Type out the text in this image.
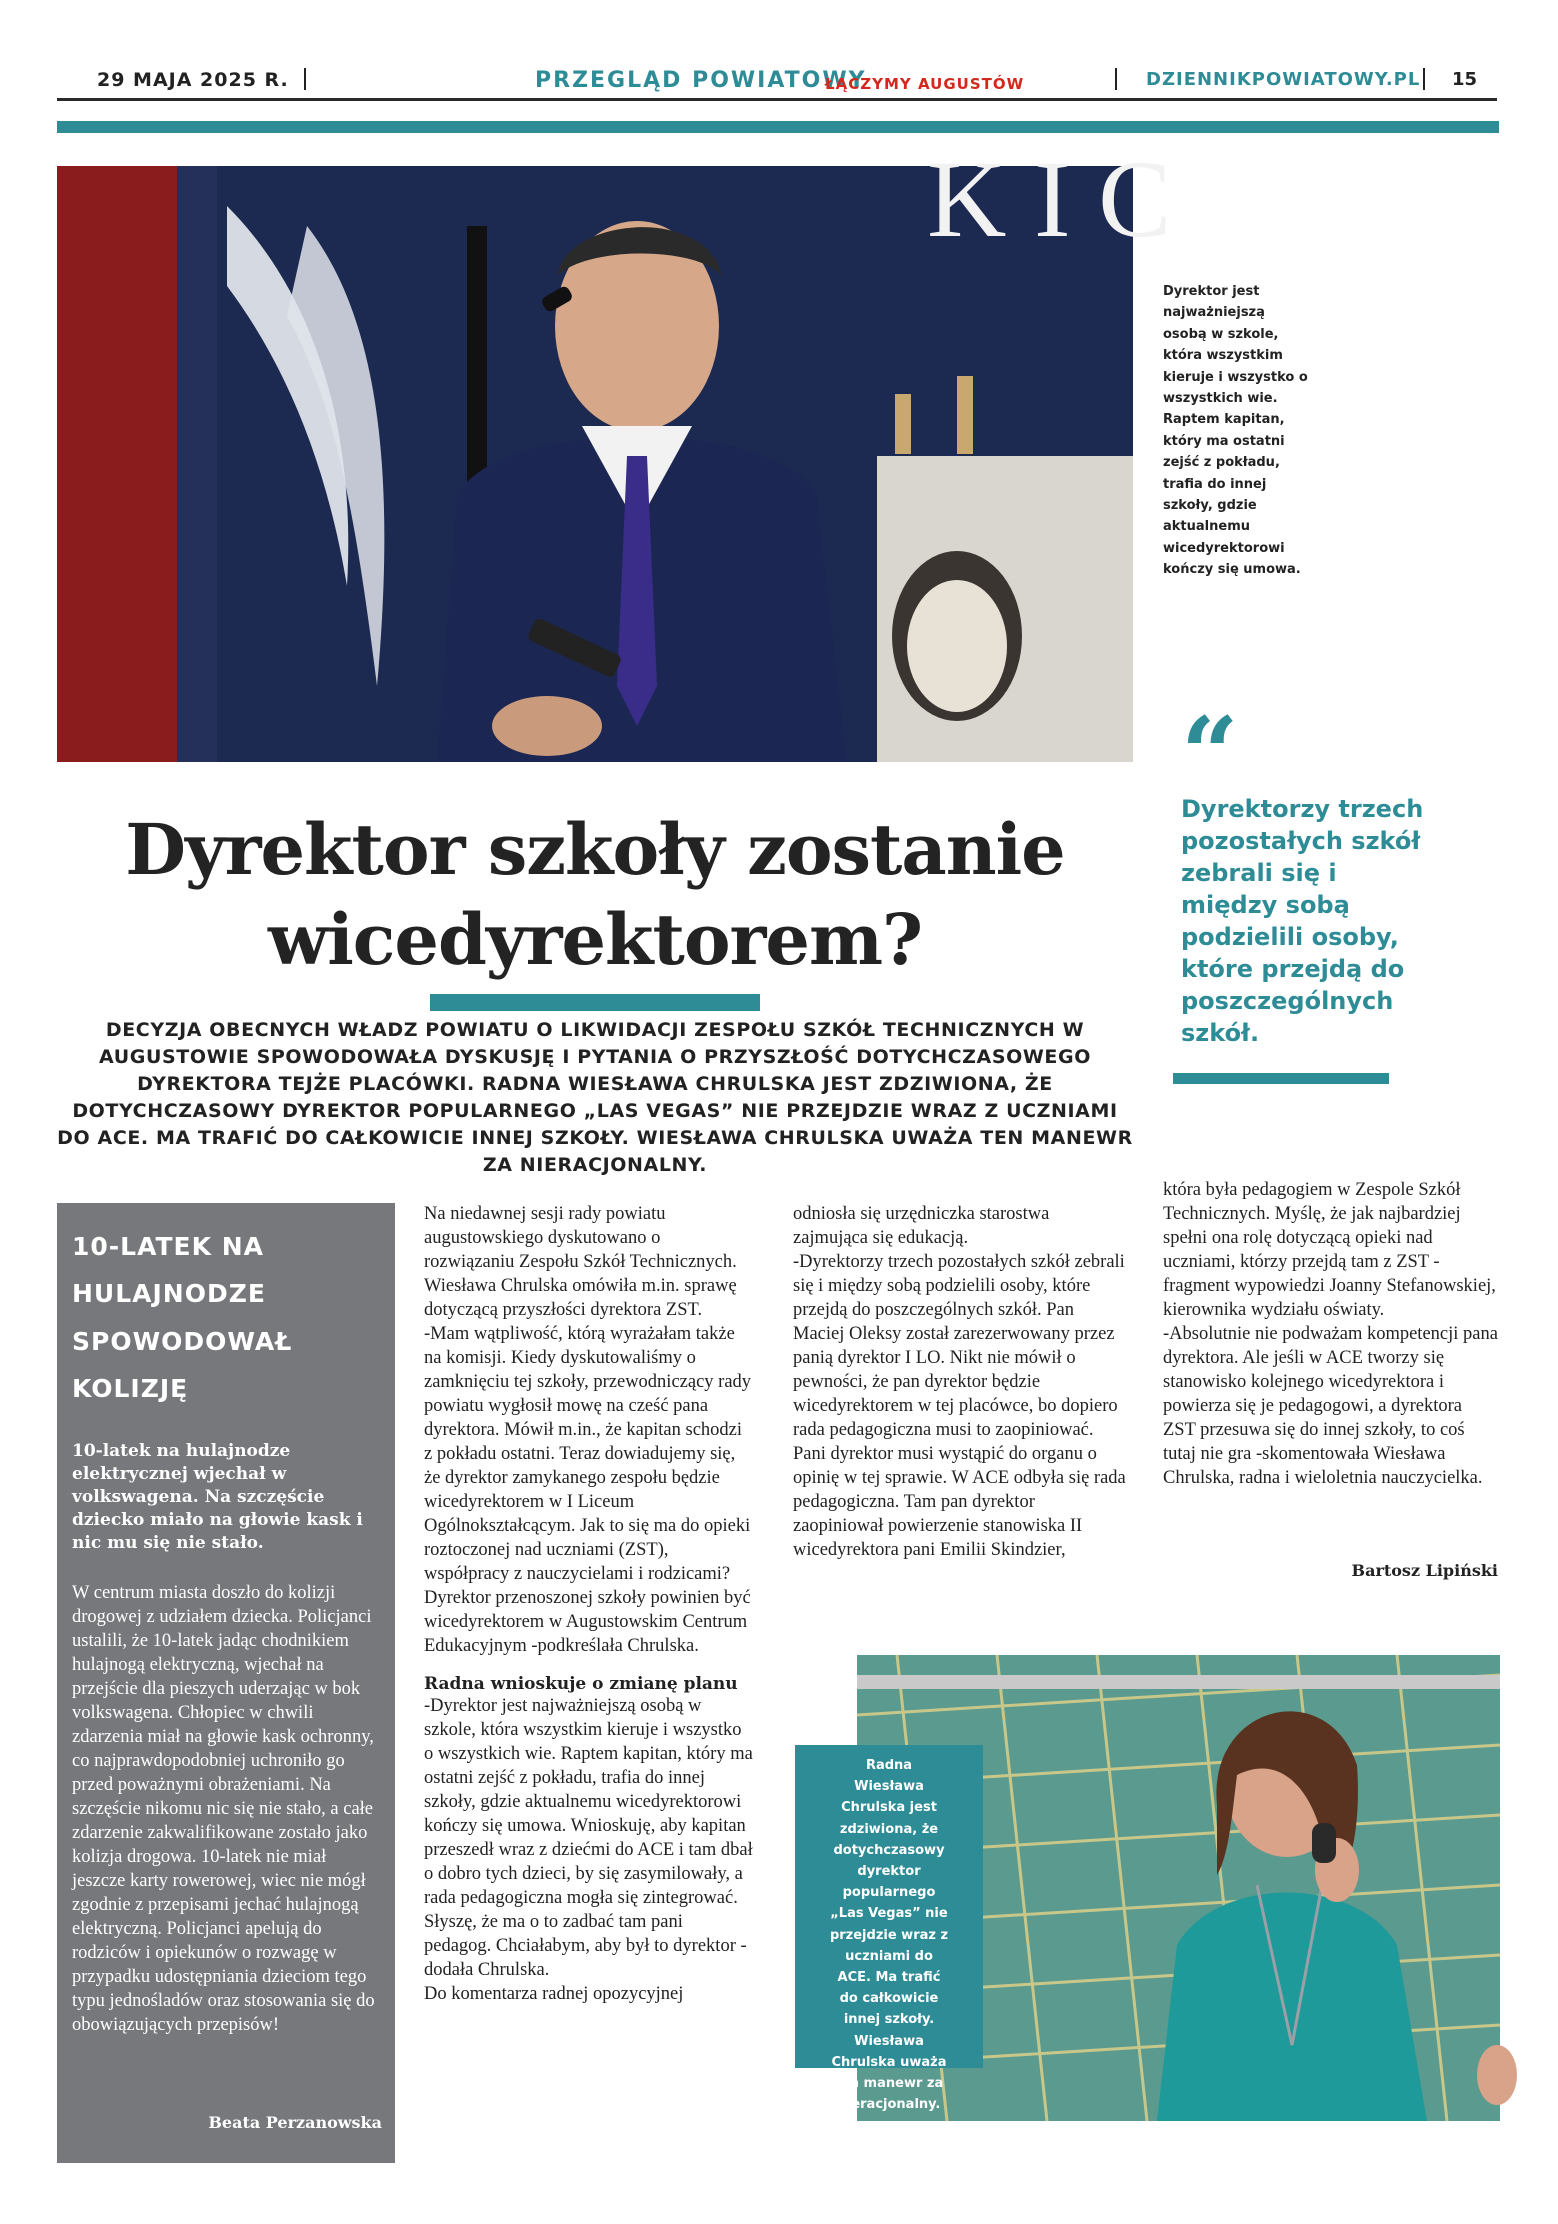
29 MAJA 2025 R.	PRZEGLĄD POWIATOWY
ŁĄCZYMY AUGUSTÓW	DZIENNIKPOWIATOWY.PL 15
K I C
Dyrektor jest najważniejszą osobą w szkole, która wszystkim kieruje i wszystko o wszystkich wie. Raptem kapitan, który ma ostatni zejść z pokładu, trafia do innej szkoły, gdzie aktualnemu wicedyrektorowi kończy się umowa.
“
Dyrektorzy trzech pozostałych szkół zebrali się i między sobą podzielili osoby, które przejdą do poszczególnych szkół.
Dyrektor szkoły zostanie
wicedyrektorem?
DECYZJA OBECNYCH WŁADZ POWIATU O LIKWIDACJI ZESPOŁU SZKÓŁ TECHNICZNYCH W AUGUSTOWIE SPOWODOWAŁA DYSKUSJĘ I PYTANIA O PRZYSZŁOŚĆ DOTYCHCZASOWEGO DYREKTORA TEJŻE PLACÓWKI. RADNA WIESŁAWA CHRULSKA JEST ZDZIWIONA, ŻE DOTYCHCZASOWY DYREKTOR POPULARNEGO „LAS VEGAS” NIE PRZEJDZIE WRAZ Z UCZNIAMI DO ACE. MA TRAFIĆ DO CAŁKOWICIE INNEJ SZKOŁY. WIESŁAWA CHRULSKA UWAŻA TEN MANEWR ZA NIERACJONALNY.
10-LATEK NA HULAJNODZE SPOWODOWAŁ KOLIZJĘ
10-latek na hulajnodze elektrycznej wjechał w volkswagena. Na szczęście dziecko miało na głowie kask i nic mu się nie stało.
W centrum miasta doszło do kolizji drogowej z udziałem dziecka. Policjanci ustalili, że 10-latek jadąc chodnikiem hulajnogą elektryczną, wjechał na przejście dla pieszych uderzając w bok volkswagena. Chłopiec w chwili zdarzenia miał na głowie kask ochronny, co najprawdopodobniej uchroniło go przed poważnymi obrażeniami. Na szczęście nikomu nic się nie stało, a całe zdarzenie zakwalifikowane zostało jako kolizja drogowa. 10-latek nie miał jeszcze karty rowerowej, wiec nie mógł zgodnie z przepisami jechać hulajnogą elektryczną. Policjanci apelują do rodziców i opiekunów o rozwagę w przypadku udostępniania dzieciom tego typu jednośladów oraz stosowania się do obowiązujących przepisów!
Beata Perzanowska

Na niedawnej sesji rady powiatu augustowskiego dyskutowano o rozwiązaniu Zespołu Szkół Technicznych. Wiesława Chrulska omówiła m.in. sprawę dotyczącą przyszłości dyrektora ZST.

-Mam wątpliwość, którą wyrażałam także na komisji. Kiedy dyskutowaliśmy o zamknięciu tej szkoły, przewodniczący rady powiatu wygłosił mowę na cześć pana dyrektora. Mówił m.in., że kapitan schodzi z pokładu ostatni. Teraz dowiadujemy się, że dyrektor zamykanego zespołu będzie wicedyrektorem w I Liceum Ogólnokształcącym. Jak to się ma do opieki roztoczonej nad uczniami (ZST), współpracy z nauczycielami i rodzicami? Dyrektor przenoszonej szkoły powinien być wicedyrektorem w Augustowskim Centrum Edukacyjnym -podkreślała Chrulska.

Radna wnioskuje o zmianę planu

-Dyrektor jest najważniejszą osobą w szkole, która wszystkim kieruje i wszystko o wszystkich wie. Raptem kapitan, który ma ostatni zejść z pokładu, trafia do innej szkoły, gdzie aktualnemu wicedyrektorowi kończy się umowa. Wnioskuję, aby kapitan przeszedł wraz z dziećmi do ACE i tam dbał o dobro tych dzieci, by się zasymilowały, a rada pedagogiczna mogła się zintegrować. Słyszę, że ma o to zadbać tam pani pedagog. Chciałabym, aby był to dyrektor - dodała Chrulska.

Do komentarza radnej opozycyjnej

odniosła się urzędniczka starostwa zajmująca się edukacją.

-Dyrektorzy trzech pozostałych szkół zebrali się i między sobą podzielili osoby, które przejdą do poszczególnych szkół. Pan Maciej Oleksy został zarezerwowany przez panią dyrektor I LO. Nikt nie mówił o pewności, że pan dyrektor będzie wicedyrektorem w tej placówce, bo dopiero rada pedagogiczna musi to zaopiniować. Pani dyrektor musi wystąpić do organu o opinię w tej sprawie. W ACE odbyła się rada pedagogiczna. Tam pan dyrektor zaopiniował powierzenie stanowiska II wicedyrektora pani Emilii Skindzier,

która była pedagogiem w Zespole Szkół Technicznych. Myślę, że jak najbardziej spełni ona rolę dotyczącą opieki nad uczniami, którzy przejdą tam z ZST -fragment wypowiedzi Joanny Stefanowskiej, kierownika wydziału oświaty.

-Absolutnie nie podważam kompetencji pana dyrektora. Ale jeśli w ACE tworzy się stanowisko kolejnego wicedyrektora i powierza się je pedagogowi, a dyrektora ZST przesuwa się do innej szkoły, to coś tutaj nie gra -skomentowała Wiesława Chrulska, radna i wieloletnia nauczycielka.

Bartosz Lipiński
Radna Wiesława Chrulska jest zdziwiona, że dotychczasowy dyrektor popularnego „Las Vegas” nie przejdzie wraz z uczniami do ACE. Ma trafić do całkowicie innej szkoły. Wiesława Chrulska uważa ten manewr za nieracjonalny.
